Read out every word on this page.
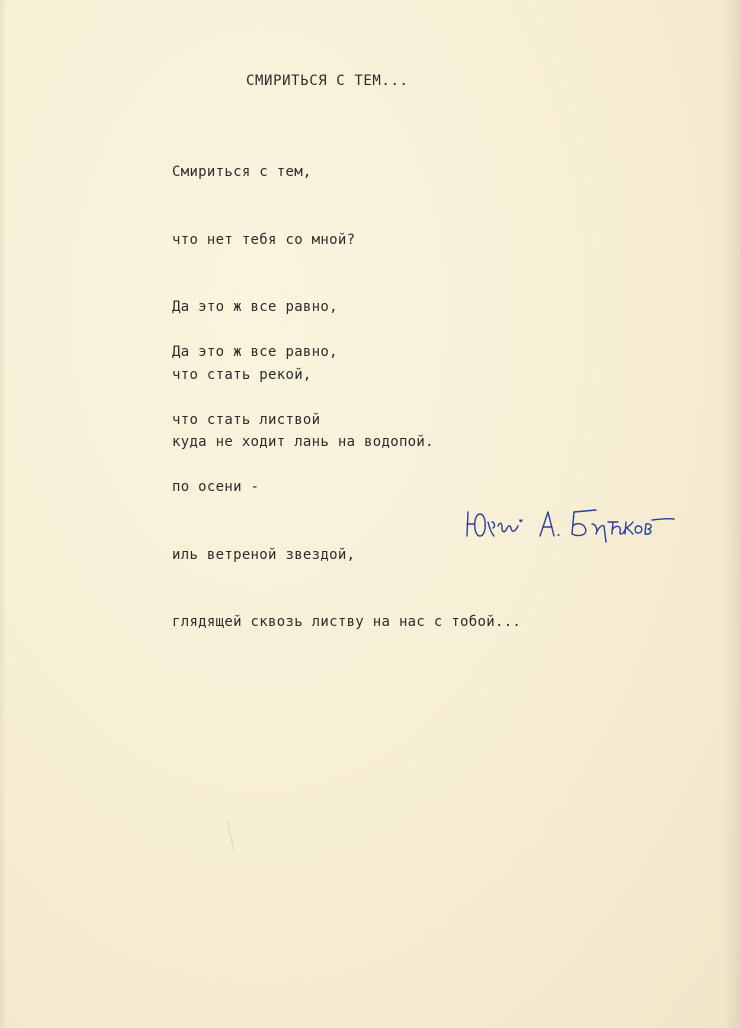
СМИРИТЬСЯ С ТЕМ...

Смириться с тем,

что нет тебя со мной?

Да это ж все равно,

что стать рекой,

куда не ходит лань на водопой.

Да это ж все равно,

что стать листвой

по осени -

иль ветреной звездой,

глядящей сквозь листву на нас с тобой...
